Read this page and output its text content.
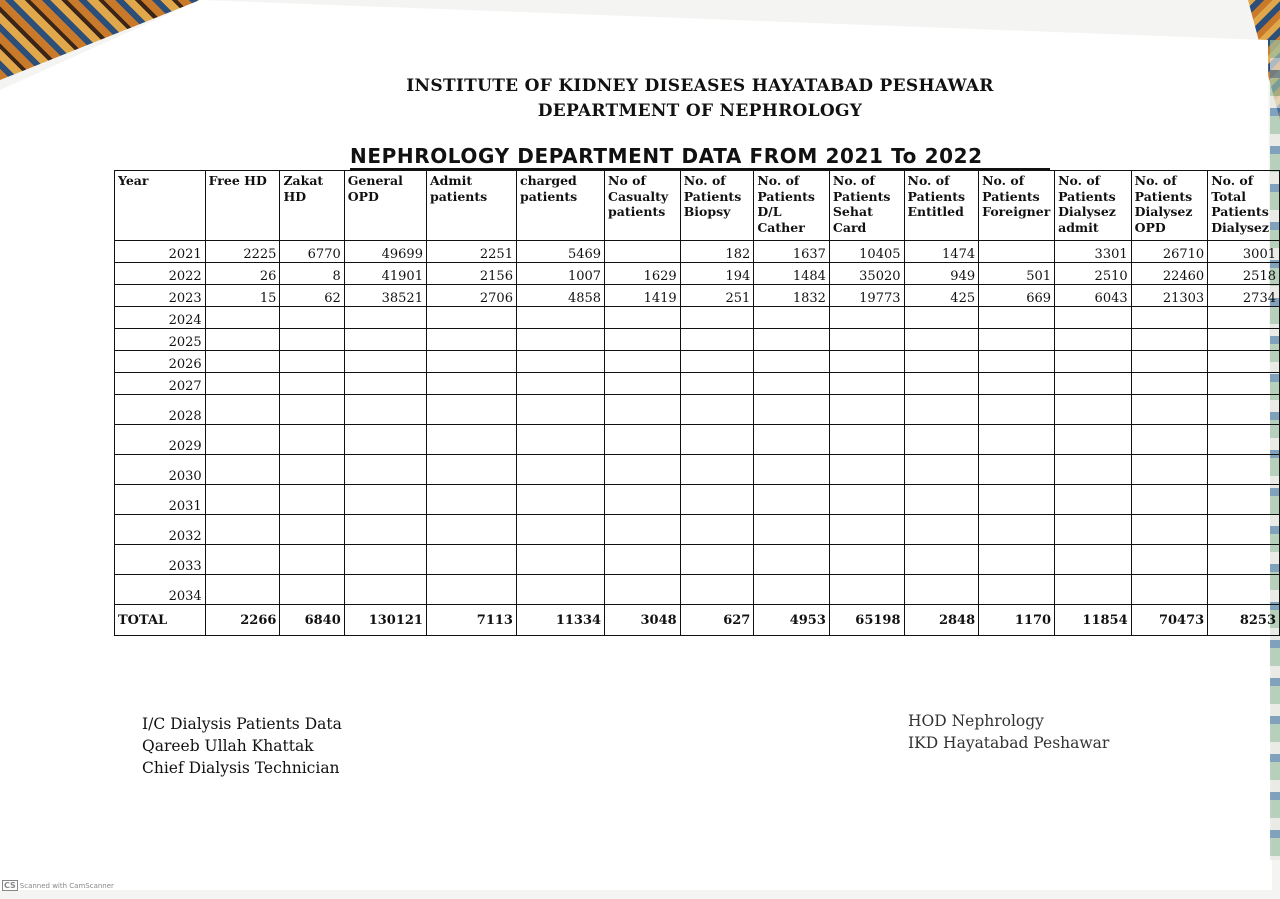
INSTITUTE OF KIDNEY DISEASES HAYATABAD PESHAWAR
DEPARTMENT OF NEPHROLOGY
NEPHROLOGY DEPARTMENT DATA FROM 2021 To 2022
Year	Free HD	Zakat HD	General OPD	Admit patients	charged patients	No of Casualty patients	No. of Patients Biopsy	No. of Patients D/L Cather	No. of Patients Sehat Card	No. of Patients Entitled	No. of Patients Foreigner	No. of Patients Dialysez admit	No. of Patients Dialysez OPD	No. of Total Patients Dialysez
2021	2225	6770	49699	2251	5469		182	1637	10405	1474		3301	26710	3001
2022	26	8	41901	2156	1007	1629	194	1484	35020	949	501	2510	22460	2518
2023	15	62	38521	2706	4858	1419	251	1832	19773	425	669	6043	21303	2734
2024														
2025														
2026														
2027														
2028														
2029														
2030														
2031														
2032														
2033														
2034														
TOTAL	2266	6840	130121	7113	11334	3048	627	4953	65198	2848	1170	11854	70473	8253
I/C Dialysis Patients Data
Qareeb Ullah Khattak
Chief Dialysis Technician
HOD Nephrology
IKD Hayatabad Peshawar
CS Scanned with CamScanner
